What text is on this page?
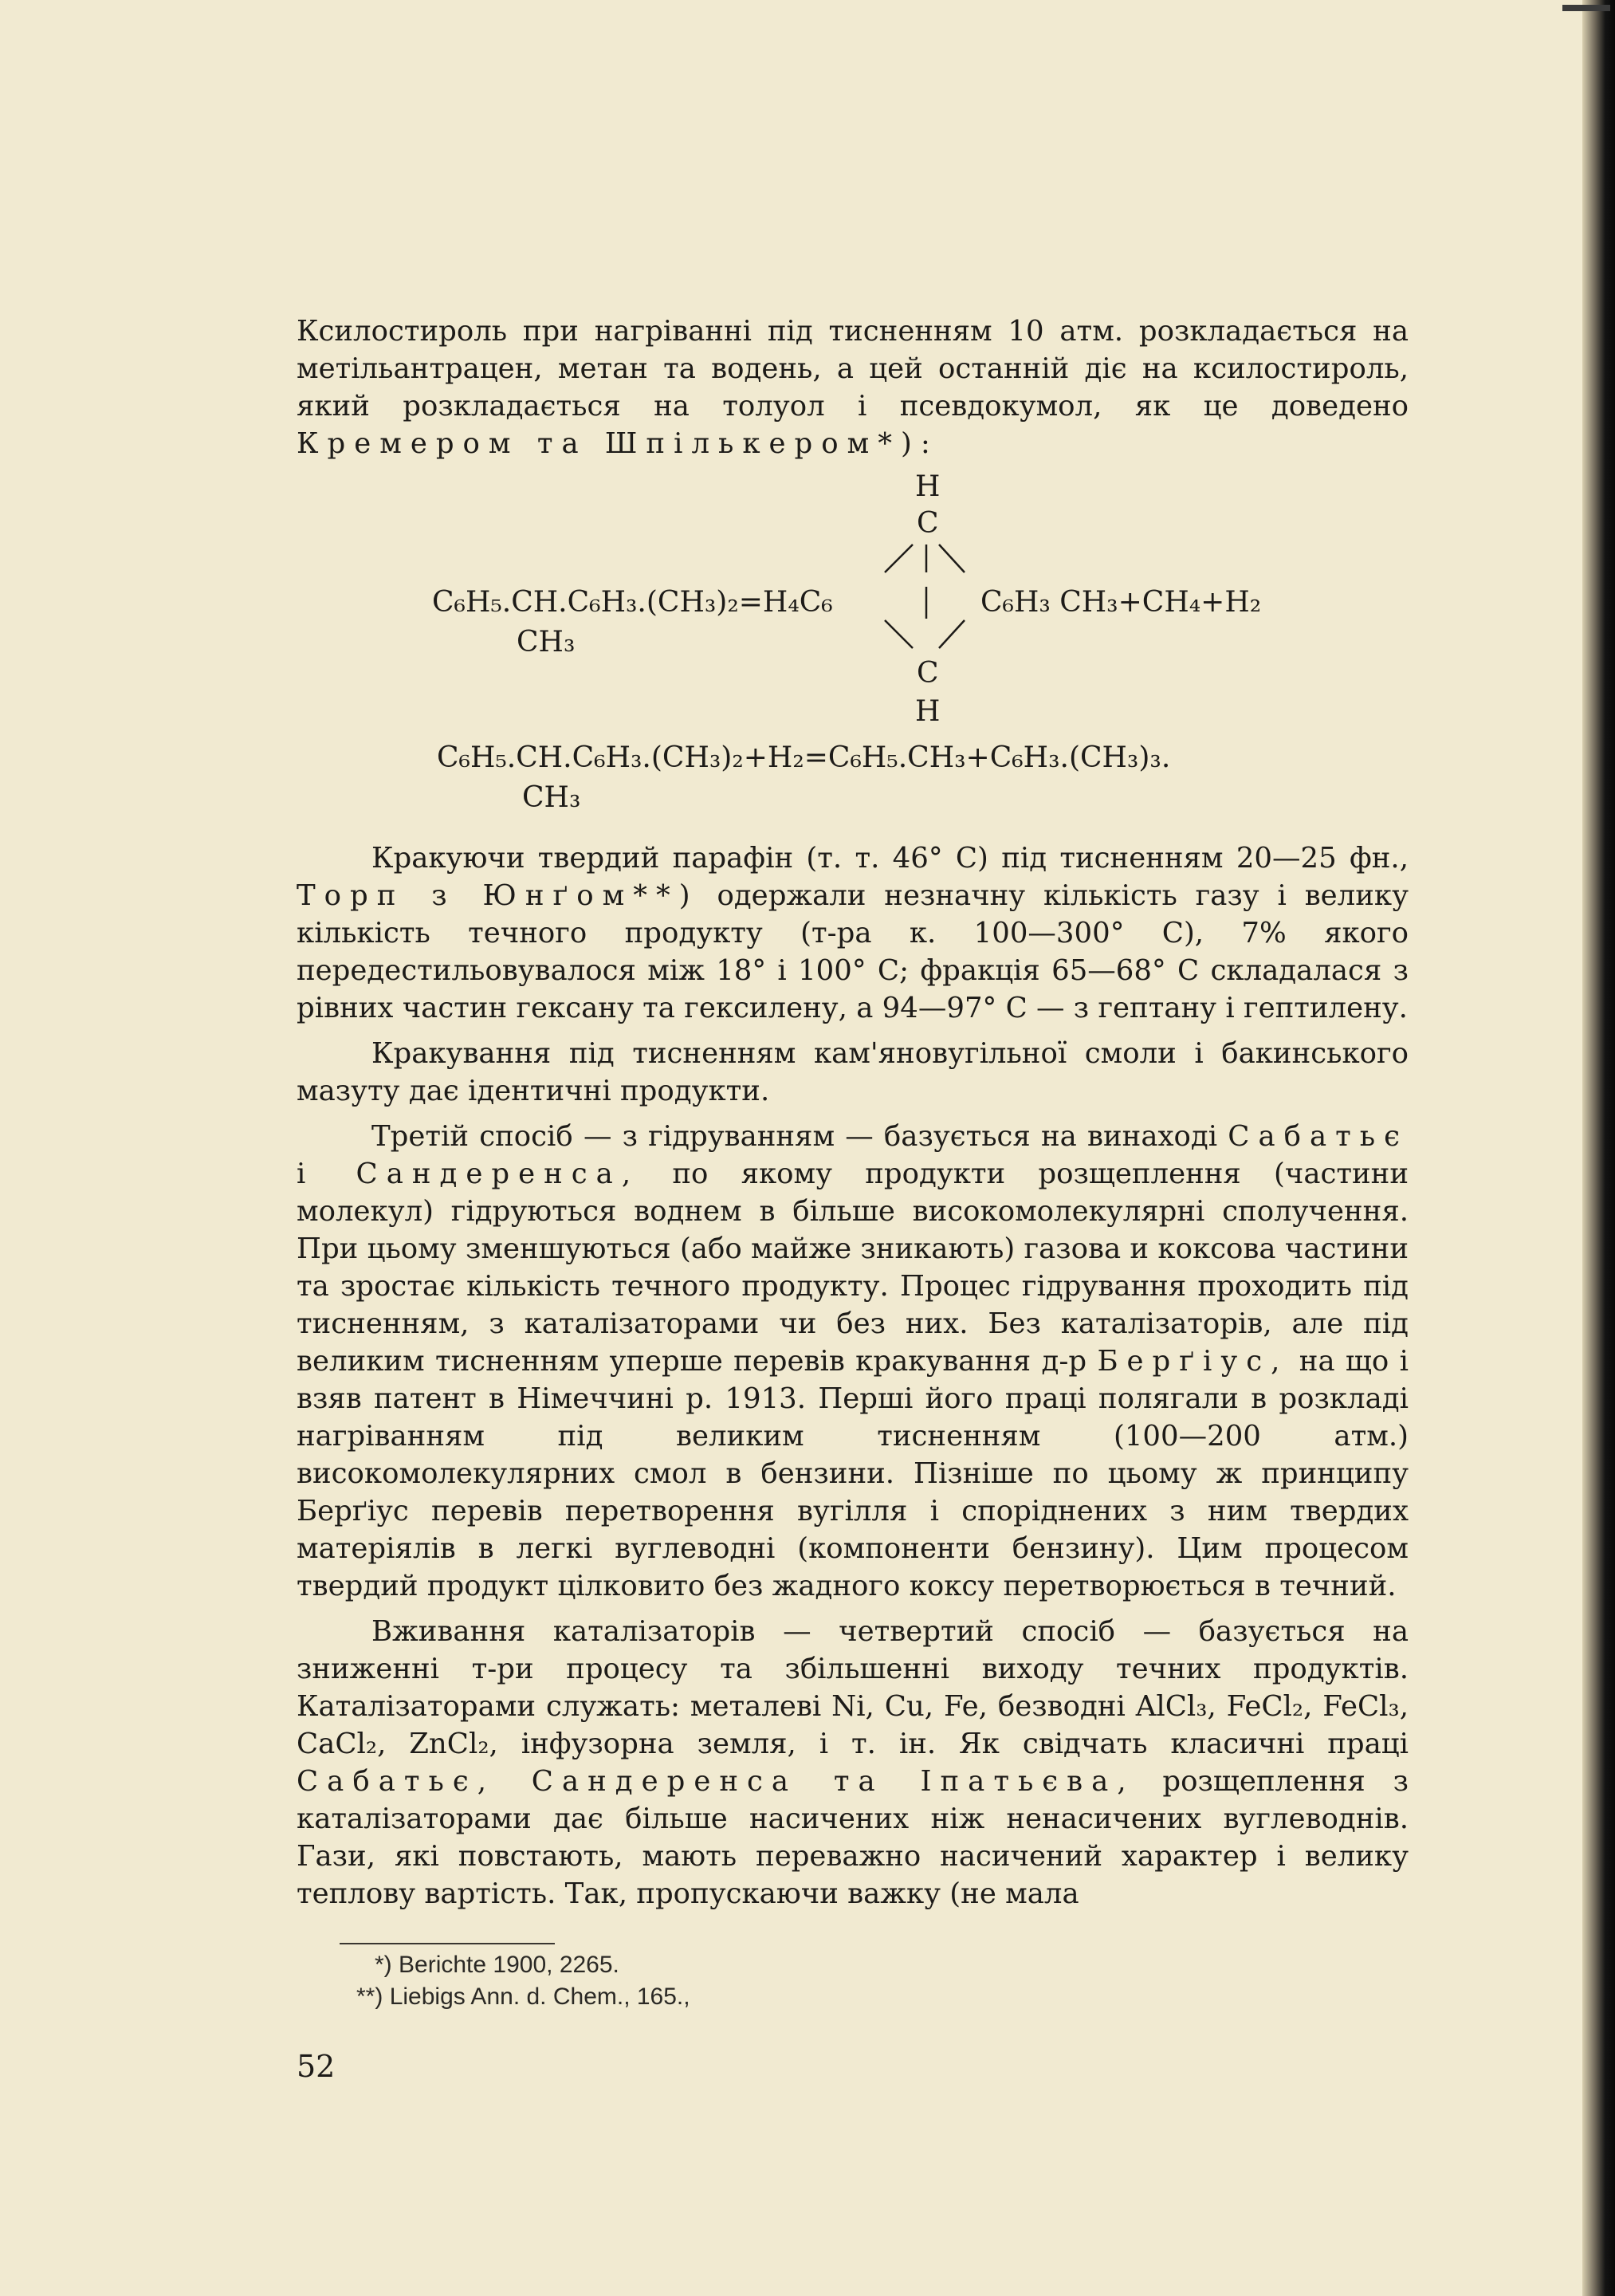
Ксилостироль при нагріванні під тисненням 10 атм. розкладається на метільантрацен, метан та водень, а цей останній діє на ксилостироль, який розкладається на толуол і псевдокумол, як це доведено Кремером та Шпількером*):

H
C
C₆H₅.CH.C₆H₃.(CH₃)₂=H₄C₆	C₆H₃ CH₃+CH₄+H₂
CH₃
C
H
C₆H₅.CH.C₆H₃.(CH₃)₂+H₂=C₆H₅.CH₃+C₆H₃.(CH₃)₃.
CH₃

Кракуючи твердий парафін (т. т. 46° С) під тисненням 20—25 фн., Торп з Юнґом**) одержали незначну кількість газу і велику кількість течного продукту (т-ра к. 100—300° С), 7% якого передестильовувалося між 18° і 100° С; фракція 65—68° С складалася з рівних частин гексану та гексилену, а 94—97° С — з гептану і гептилену.

Кракування під тисненням кам'яновугільної смоли і бакинського мазуту дає ідентичні продукти.

Третій спосіб — з гідруванням — базується на винаході Сабатьє і Сандеренса, по якому продукти розщеплення (частини молекул) гідруються воднем в більше високомолекулярні сполучення. При цьому зменшуються (або майже зникають) газова и коксова частини та зростає кількість течного продукту. Процес гідрування проходить під тисненням, з каталізаторами чи без них. Без каталізаторів, але під великим тисненням уперше перевів кракування д-р Берґіус, на що і взяв патент в Німеччині р. 1913. Перші його праці полягали в розкладі нагріванням під великим тисненням (100—200 атм.) високомолекулярних смол в бензини. Пізніше по цьому ж принципу Берґіус перевів перетворення вугілля і споріднених з ним твердих матеріялів в легкі вуглеводні (компоненти бензину). Цим процесом твердий продукт цілковито без жадного коксу перетворюється в течний.

Вживання каталізаторів — четвертий спосіб — базується на зниженні т-ри процесу та збільшенні виходу течних продуктів. Каталізаторами служать: металеві Ni, Cu, Fe, безводні AlCl₃, FeCl₂, FeCl₃, CaCl₂, ZnCl₂, інфузорна земля, і т. ін. Як свідчать класичні праці Сабатьє, Сандеренса та Іпатьєва, розщеплення з каталізаторами дає більше насичених ніж ненасичених вуглеводнів. Гази, які повстають, мають переважно насичений характер і велику теплову вартість. Так, пропускаючи важку (не мала

*) Berichte 1900, 2265.
**) Liebigs Ann. d. Chem., 165.,
52
